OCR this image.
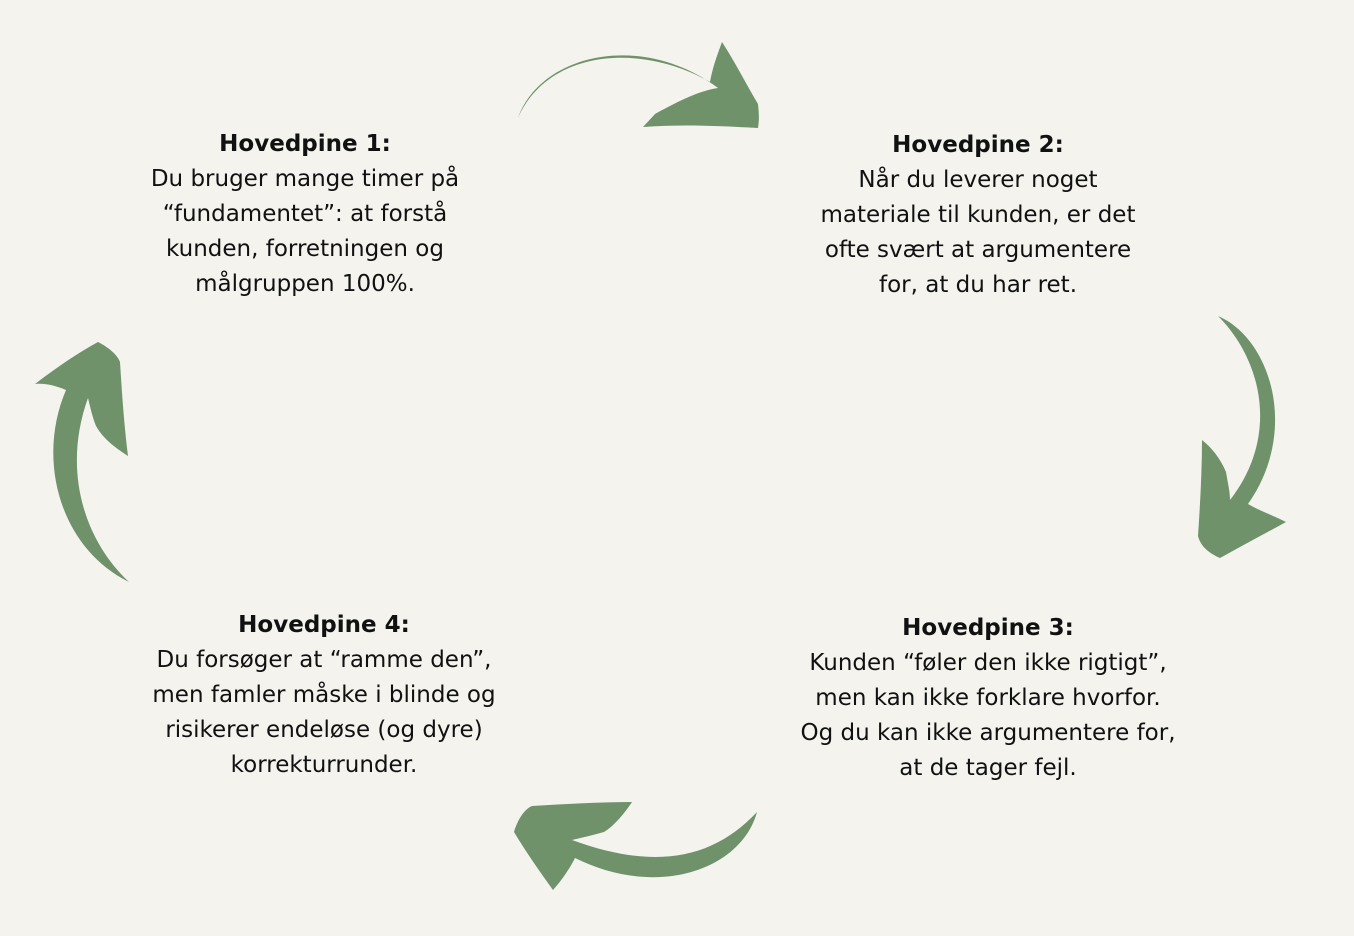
Hovedpine 1:
Du bruger mange timer på
“fundamentet”: at forstå
kunden, forretningen og
målgruppen 100%.
Hovedpine 2:
Når du leverer noget
materiale til kunden, er det
ofte svært at argumentere
for, at du har ret.
Hovedpine 3:
Kunden “føler den ikke rigtigt”,
men kan ikke forklare hvorfor.
Og du kan ikke argumentere for,
at de tager fejl.
Hovedpine 4:
Du forsøger at “ramme den”,
men famler måske i blinde og
risikerer endeløse (og dyre)
korrekturrunder.
